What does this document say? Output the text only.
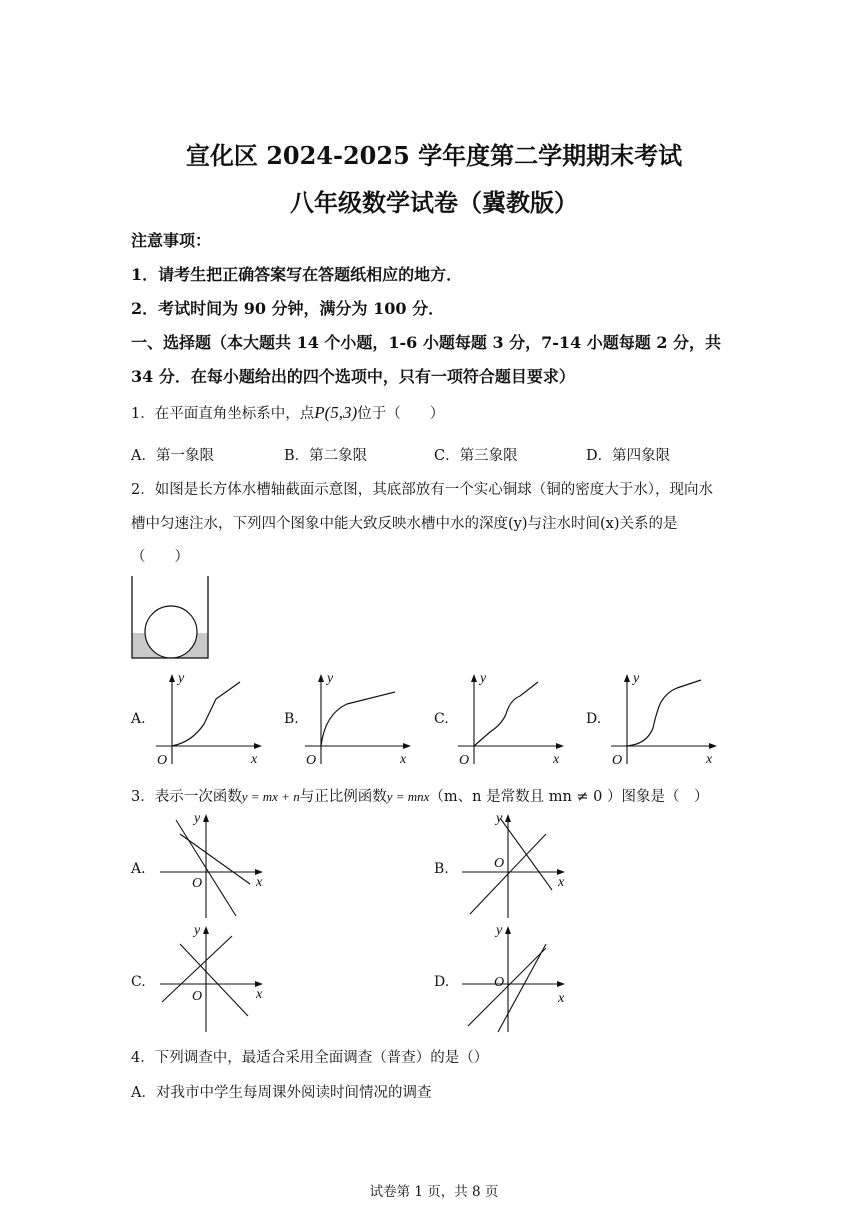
宣化区 2024-2025 学年度第二学期期末考试
八年级数学试卷（冀教版）
注意事项：
1．请考生把正确答案写在答题纸相应的地方．
2．考试时间为 90 分钟，满分为 100 分．
一、选择题（本大题共 14 个小题，1-6 小题每题 3 分，7-14 小题每题 2 分，共
34 分．在每小题给出的四个选项中，只有一项符合题目要求）
1．在平面直角坐标系中，点P(5,3)位于（　　）
A．第一象限	B．第二象限	C．第三象限	D．第四象限
2．如图是长方体水槽轴截面示意图，其底部放有一个实心铜球（铜的密度大于水），现向水
槽中匀速注水，下列四个图象中能大致反映水槽中水的深度(y)与注水时间(x)关系的是
（　　）
A.
y
x
O
B.
y
x
O
C.
y
x
O
D.
y
x
O
3．表示一次函数y = mx + n与正比例函数y = mnx（m、n 是常数且 mn ≠ 0 ）图象是（　）
A.
y
x
O
B.
y
x
O
C.
y
x
O
D.
y
x
O
4．下列调查中，最适合采用全面调查（普查）的是（）
A．对我市中学生每周课外阅读时间情况的调查
试卷第 1 页，共 8 页
